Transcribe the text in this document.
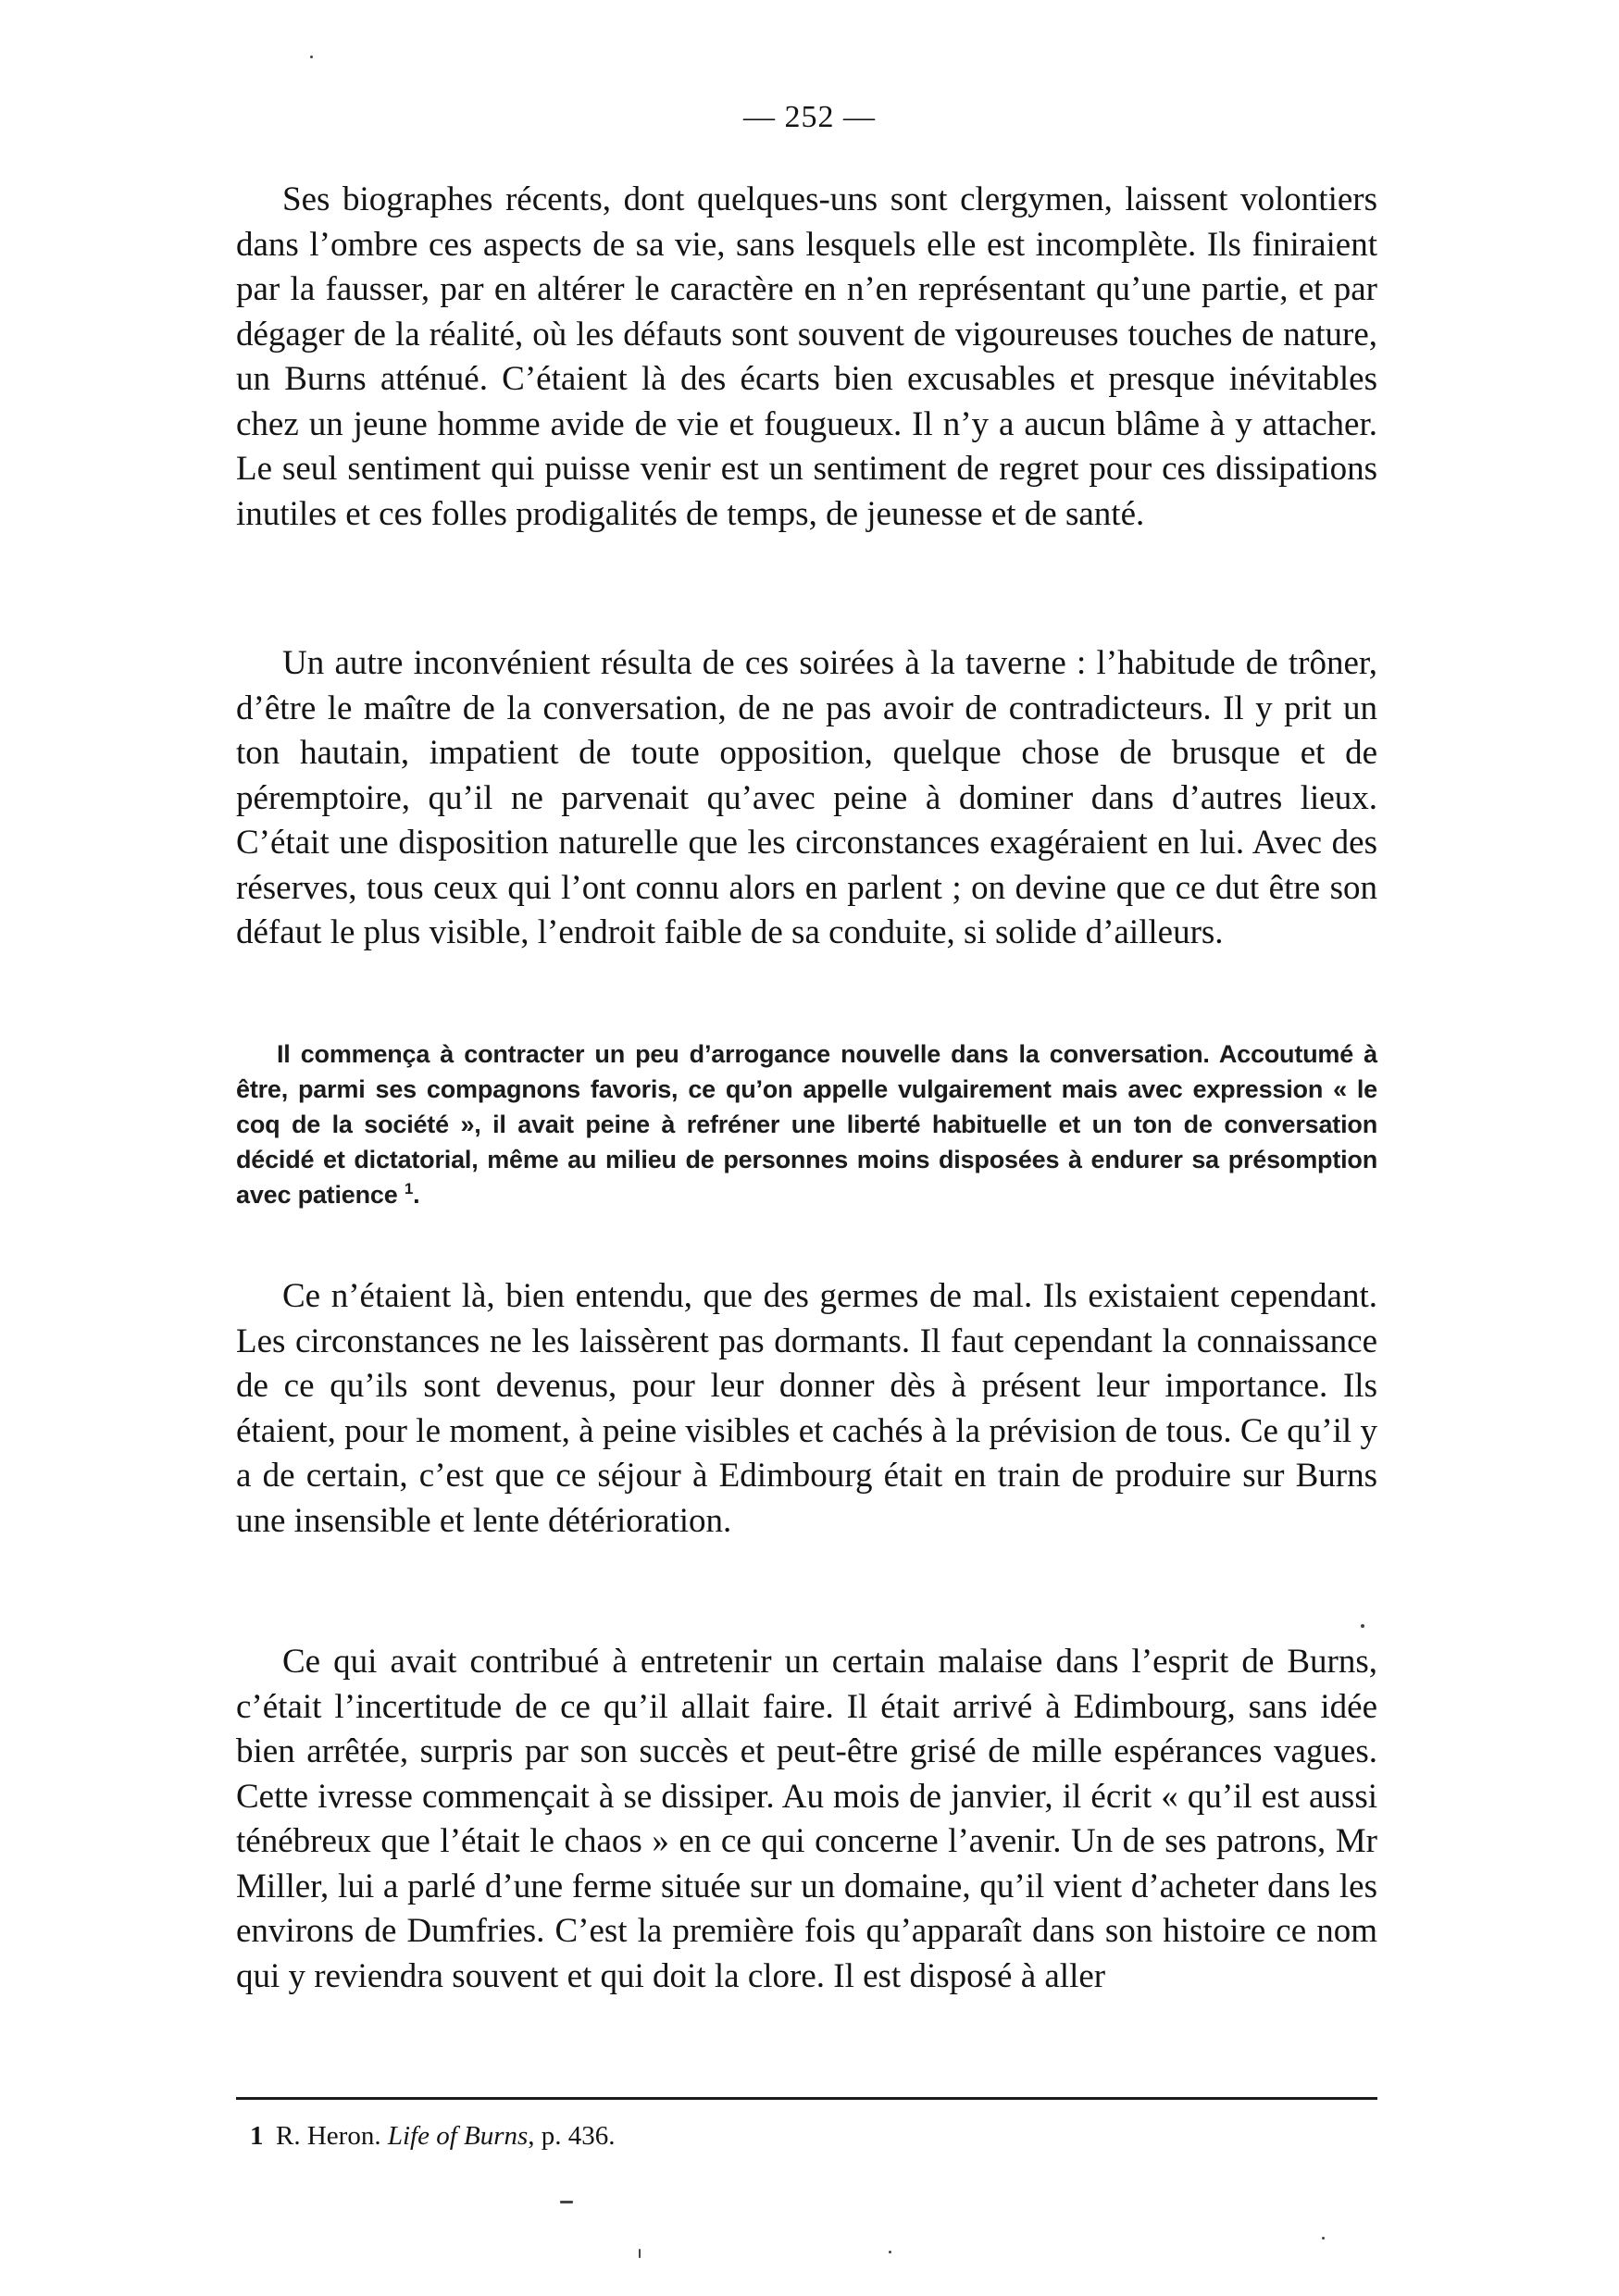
— 252 —

Ses biographes récents, dont quelques-uns sont clergymen, laissent volontiers dans l’ombre ces aspects de sa vie, sans lesquels elle est incomplète. Ils finiraient par la fausser, par en altérer le caractère en n’en représentant qu’une partie, et par dégager de la réalité, où les défauts sont souvent de vigoureuses touches de nature, un Burns atténué. C’étaient là des écarts bien excusables et presque inévitables chez un jeune homme avide de vie et fougueux. Il n’y a aucun blâme à y attacher. Le seul sentiment qui puisse venir est un sentiment de regret pour ces dissipations inutiles et ces folles prodigalités de temps, de jeunesse et de santé.

Un autre inconvénient résulta de ces soirées à la taverne : l’habitude de trôner, d’être le maître de la conversation, de ne pas avoir de contradicteurs. Il y prit un ton hautain, impatient de toute opposition, quelque chose de brusque et de péremptoire, qu’il ne parvenait qu’avec peine à dominer dans d’autres lieux. C’était une disposition naturelle que les circonstances exagéraient en lui. Avec des réserves, tous ceux qui l’ont connu alors en parlent ; on devine que ce dut être son défaut le plus visible, l’endroit faible de sa conduite, si solide d’ailleurs.

Il commença à contracter un peu d’arrogance nouvelle dans la conversation. Accoutumé à être, parmi ses compagnons favoris, ce qu’on appelle vulgairement mais avec expression « le coq de la société », il avait peine à refréner une liberté habituelle et un ton de conversation décidé et dictatorial, même au milieu de personnes moins disposées à endurer sa présomption avec patience $^1$.

Ce n’étaient là, bien entendu, que des germes de mal. Ils existaient cependant. Les circonstances ne les laissèrent pas dormants. Il faut cependant la connaissance de ce qu’ils sont devenus, pour leur donner dès à présent leur importance. Ils étaient, pour le moment, à peine visibles et cachés à la prévision de tous. Ce qu’il y a de certain, c’est que ce séjour à Edimbourg était en train de produire sur Burns une insensible et lente détérioration.

Ce qui avait contribué à entretenir un certain malaise dans l’esprit de Burns, c’était l’incertitude de ce qu’il allait faire. Il était arrivé à Edimbourg, sans idée bien arrêtée, surpris par son succès et peut-être grisé de mille espérances vagues. Cette ivresse commençait à se dissiper. Au mois de janvier, il écrit « qu’il est aussi ténébreux que l’était le chaos » en ce qui concerne l’avenir. Un de ses patrons, Mr Miller, lui a parlé d’une ferme située sur un domaine, qu’il vient d’acheter dans les environs de Dumfries. C’est la première fois qu’apparaît dans son histoire ce nom qui y reviendra souvent et qui doit la clore. Il est disposé à aller

1 R. Heron. Life of Burns, p. 436.
